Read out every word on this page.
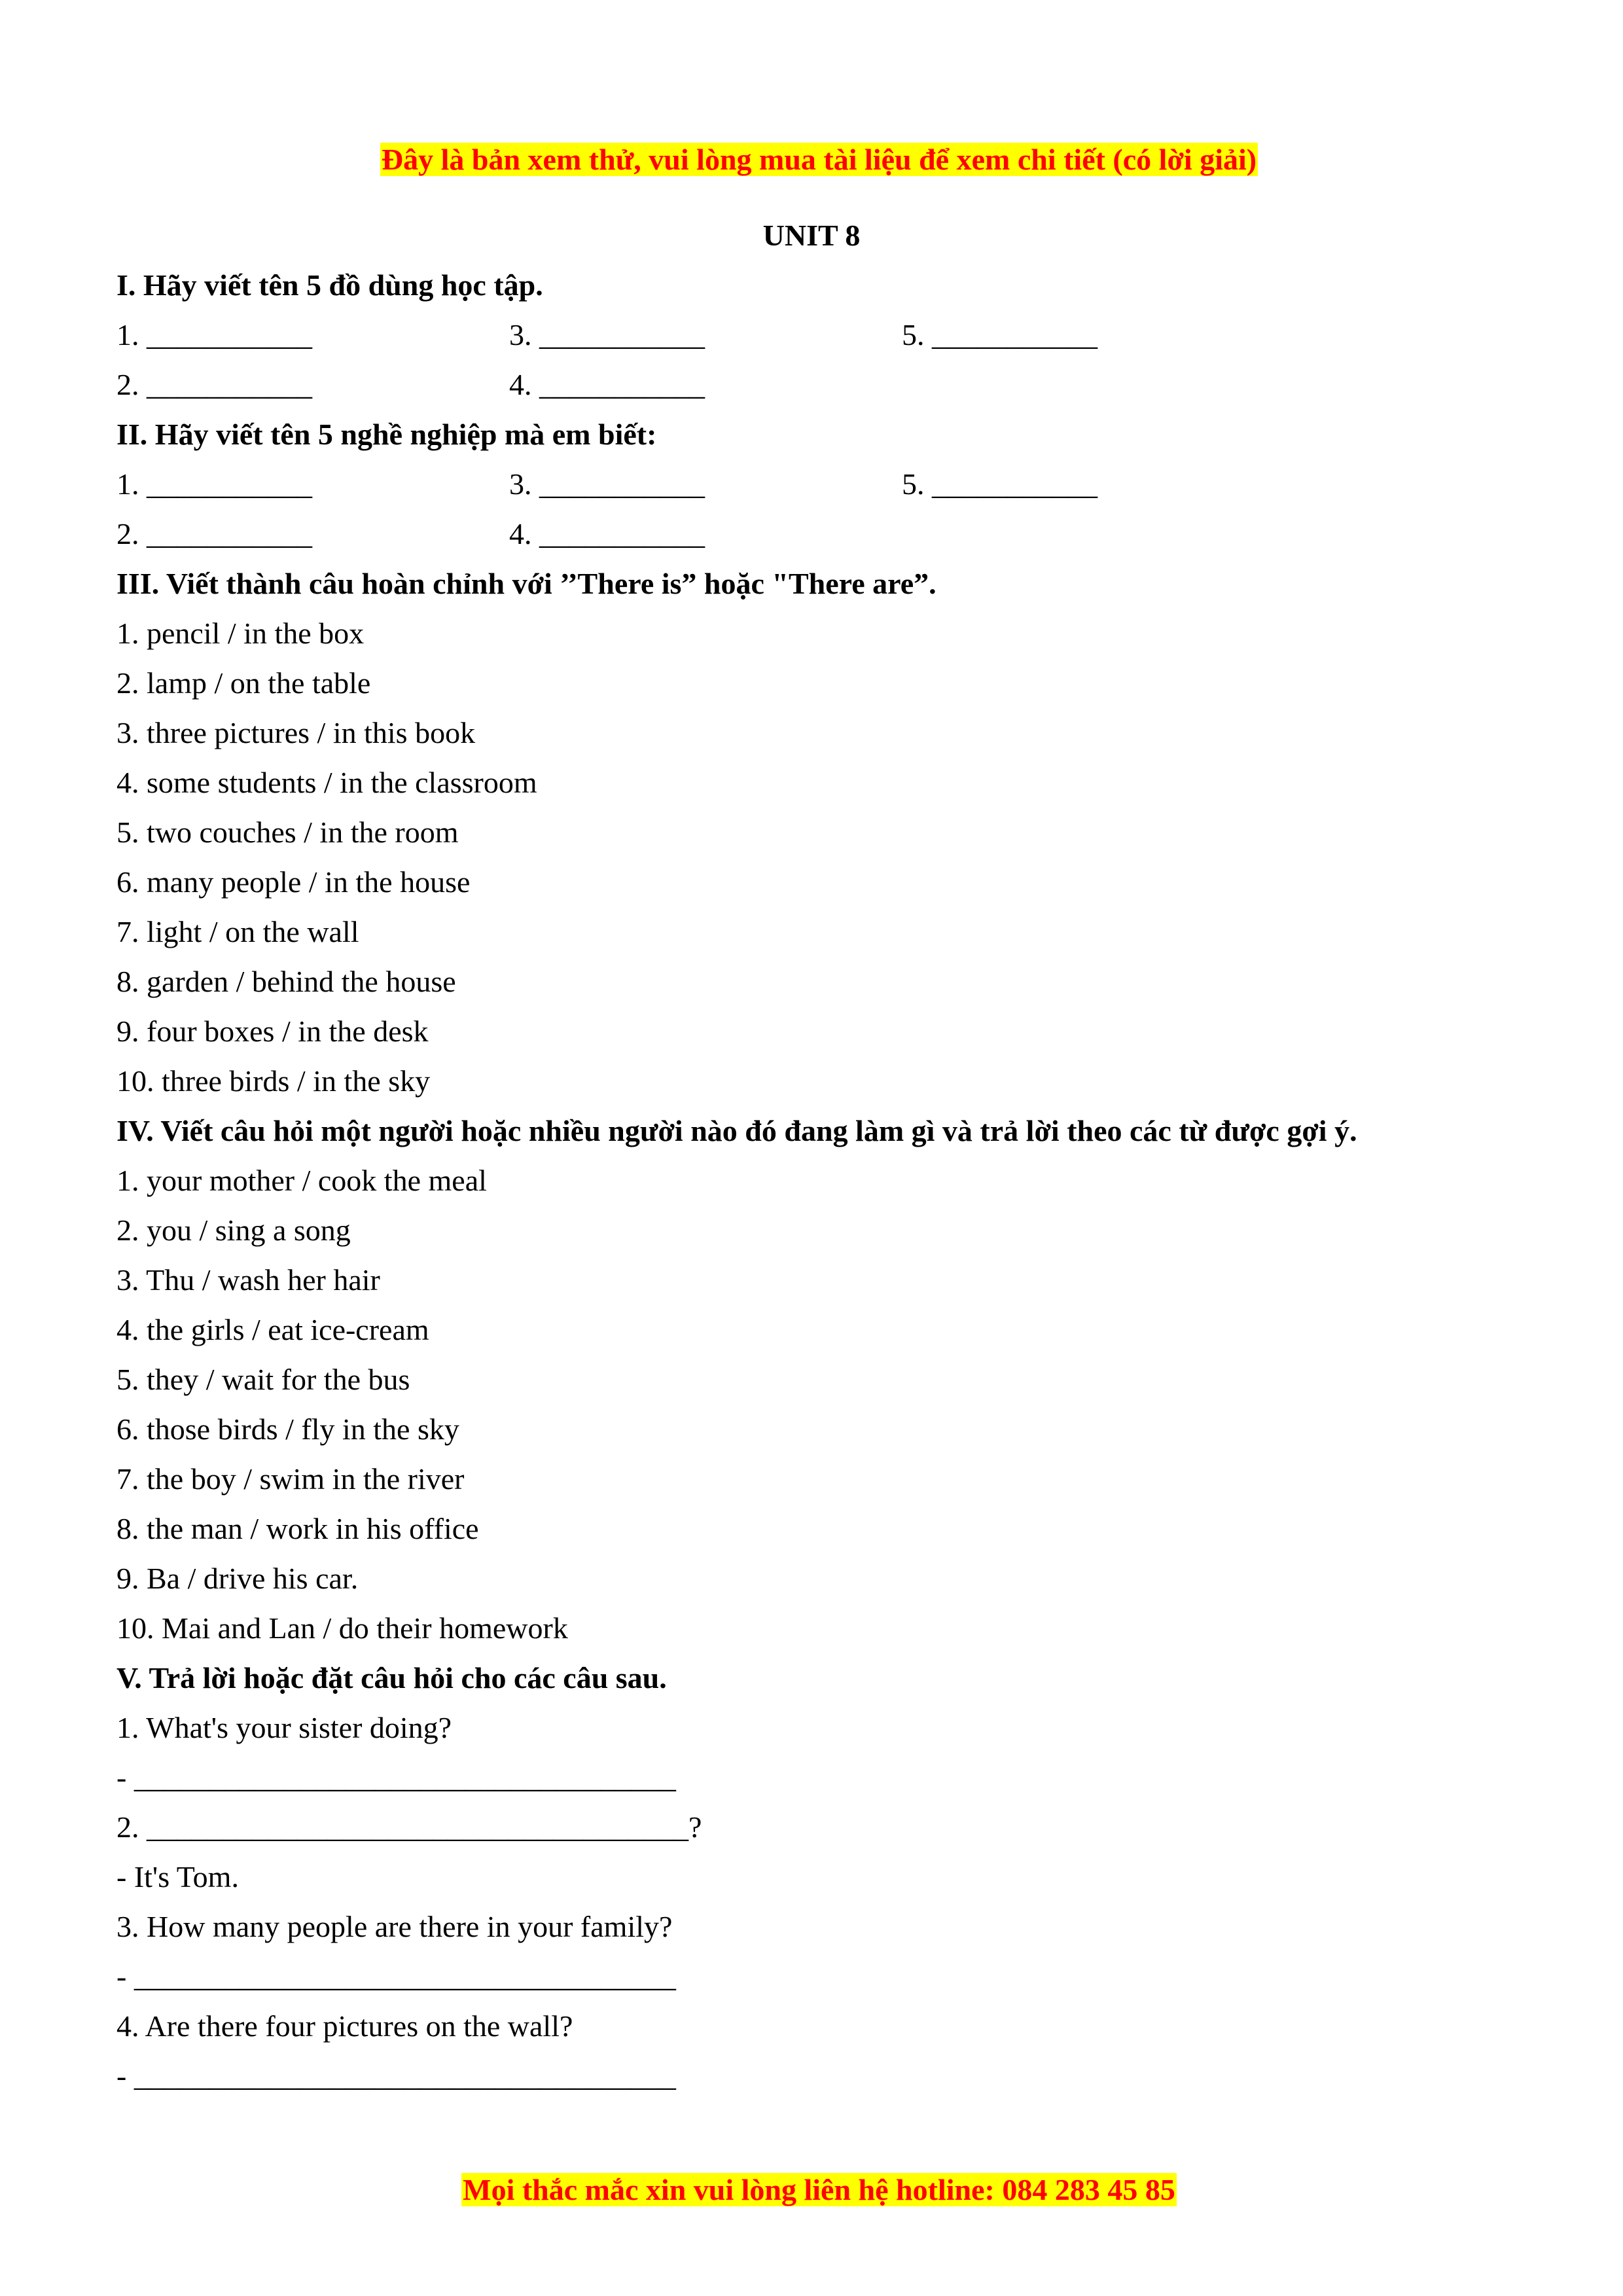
Đây là bản xem thử, vui lòng mua tài liệu để xem chi tiết (có lời giải)

UNIT 8
I. Hãy viết tên 5 đồ dùng học tập.
1. ___________	3. ___________	5. ___________
2. ___________	4. ___________
II. Hãy viết tên 5 nghề nghiệp mà em biết:
1. ___________	3. ___________	5. ___________
2. ___________	4. ___________
III. Viết thành câu hoàn chỉnh với ’’There is” hoặc "There are”.
1. pencil / in the box
2. lamp / on the table
3. three pictures / in this book
4. some students / in the classroom
5. two couches / in the room
6. many people / in the house
7. light / on the wall
8. garden / behind the house
9. four boxes / in the desk
10. three birds / in the sky
IV. Viết câu hỏi một người hoặc nhiều người nào đó đang làm gì và trả lời theo các từ được gợi ý.
1. your mother / cook the meal
2. you / sing a song
3. Thu / wash her hair
4. the girls / eat ice-cream
5. they / wait for the bus
6. those birds / fly in the sky
7. the boy / swim in the river
8. the man / work in his office
9. Ba / drive his car.
10. Mai and Lan / do their homework
V. Trả lời hoặc đặt câu hỏi cho các câu sau.
1. What's your sister doing?
- ____________________________________
2. ____________________________________?
- It's Tom.
3. How many people are there in your family?
- ____________________________________
4. Are there four pictures on the wall?
- ____________________________________

Mọi thắc mắc xin vui lòng liên hệ hotline: 084 283 45 85
